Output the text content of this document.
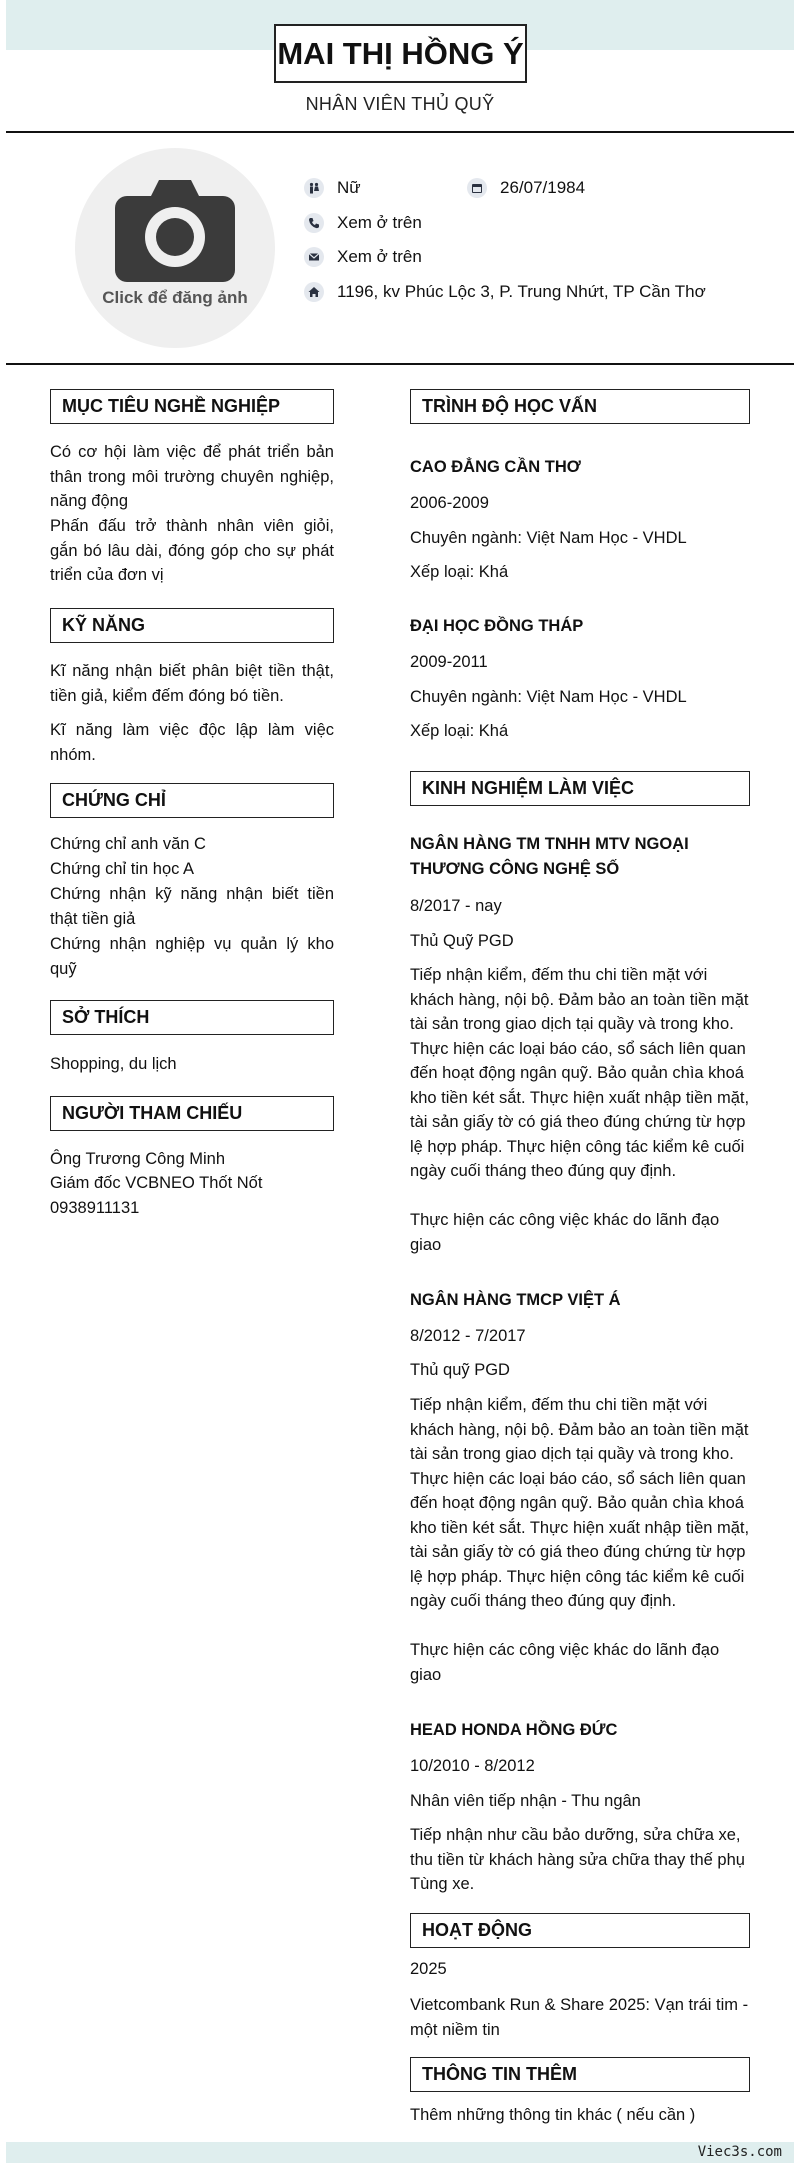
Viec3s.com
MAI THỊ HỒNG Ý
NHÂN VIÊN THỦ QUỸ
Click để đăng ảnh
Nữ	26/07/1984
Xem ở trên
Xem ở trên
1196, kv Phúc Lộc 3, P. Trung Nhứt, TP Cần Thơ
MỤC TIÊU NGHỀ NGHIỆP
Có cơ hội làm việc để phát triển bản thân trong môi trường chuyên nghiệp, năng động
Phấn đấu trở thành nhân viên giỏi, gắn bó lâu dài, đóng góp cho sự phát triển của đơn vị
KỸ NĂNG
Kĩ năng nhận biết phân biệt tiền thật, tiền giả, kiểm đếm đóng bó tiền.
Kĩ năng làm việc độc lập làm việc nhóm.
CHỨNG CHỈ
Chứng chỉ anh văn C
Chứng chỉ tin học A
Chứng nhận kỹ năng nhận biết tiền thật tiền giả
Chứng nhận nghiệp vụ quản lý kho quỹ
SỞ THÍCH
Shopping, du lịch
NGƯỜI THAM CHIẾU
Ông Trương Công Minh
Giám đốc VCBNEO Thốt Nốt
0938911131
TRÌNH ĐỘ HỌC VẤN
CAO ĐẲNG CẦN THƠ
2006-2009
Chuyên ngành: Việt Nam Học - VHDL
Xếp loại: Khá
ĐẠI HỌC ĐỒNG THÁP
2009-2011
Chuyên ngành: Việt Nam Học - VHDL
Xếp loại: Khá
KINH NGHIỆM LÀM VIỆC
NGÂN HÀNG TM TNHH MTV NGOẠI THƯƠNG CÔNG NGHỆ SỐ
8/2017 - nay
Thủ Quỹ PGD
Tiếp nhận kiểm, đếm thu chi tiền mặt với khách hàng, nội bộ. Đảm bảo an toàn tiền mặt tài sản trong giao dịch tại quầy và trong kho. Thực hiện các loại báo cáo, sổ sách liên quan đến hoạt động ngân quỹ. Bảo quản chìa khoá kho tiền két sắt. Thực hiện xuất nhập tiền mặt, tài sản giấy tờ có giá theo đúng chứng từ hợp lệ hợp pháp. Thực hiện công tác kiểm kê cuối ngày cuối tháng theo đúng quy định.
Thực hiện các công việc khác do lãnh đạo giao
NGÂN HÀNG TMCP VIỆT Á
8/2012 - 7/2017
Thủ quỹ PGD
Tiếp nhận kiểm, đếm thu chi tiền mặt với khách hàng, nội bộ. Đảm bảo an toàn tiền mặt tài sản trong giao dịch tại quầy và trong kho. Thực hiện các loại báo cáo, sổ sách liên quan đến hoạt động ngân quỹ. Bảo quản chìa khoá kho tiền két sắt. Thực hiện xuất nhập tiền mặt, tài sản giấy tờ có giá theo đúng chứng từ hợp lệ hợp pháp. Thực hiện công tác kiểm kê cuối ngày cuối tháng theo đúng quy định.
Thực hiện các công việc khác do lãnh đạo giao
HEAD HONDA HỒNG ĐỨC
10/2010 - 8/2012
Nhân viên tiếp nhận - Thu ngân
Tiếp nhận như cầu bảo dưỡng, sửa chữa xe, thu tiền từ khách hàng sửa chữa thay thế phụ Tùng xe.
HOẠT ĐỘNG
2025
Vietcombank Run & Share 2025: Vạn trái tim - một niềm tin
THÔNG TIN THÊM
Thêm những thông tin khác ( nếu cần )
